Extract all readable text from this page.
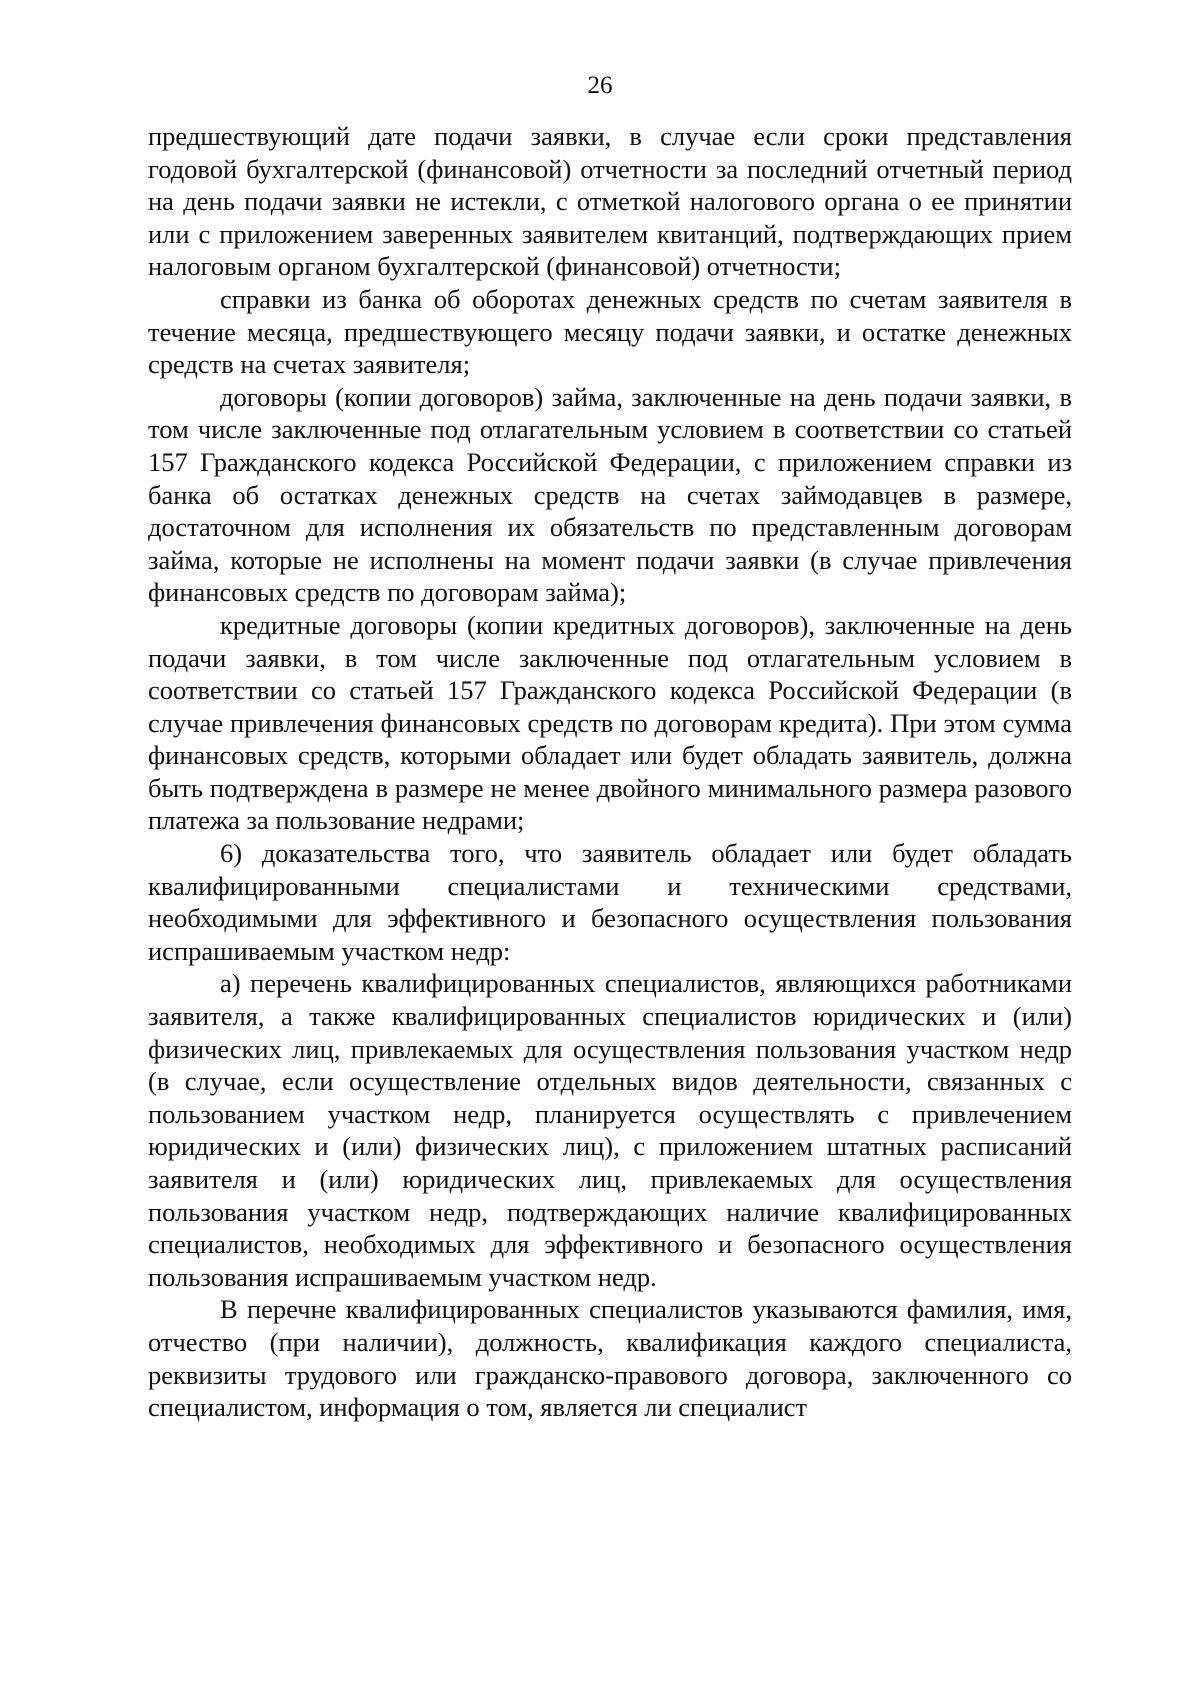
26

предшествующий дате подачи заявки, в случае если сроки представления годовой бухгалтерской (финансовой) отчетности за последний отчетный период на день подачи заявки не истекли, с отметкой налогового органа о ее принятии или с приложением заверенных заявителем квитанций, подтверждающих прием налоговым органом бухгалтерской (финансовой) отчетности;

справки из банка об оборотах денежных средств по счетам заявителя в течение месяца, предшествующего месяцу подачи заявки, и остатке денежных средств на счетах заявителя;

договоры (копии договоров) займа, заключенные на день подачи заявки, в том числе заключенные под отлагательным условием в соответствии со статьей 157 Гражданского кодекса Российской Федерации, с приложением справки из банка об остатках денежных средств на счетах займодавцев в размере, достаточном для исполнения их обязательств по представленным договорам займа, которые не исполнены на момент подачи заявки (в случае привлечения финансовых средств по договорам займа);

кредитные договоры (копии кредитных договоров), заключенные на день подачи заявки, в том числе заключенные под отлагательным условием в соответствии со статьей 157 Гражданского кодекса Российской Федерации (в случае привлечения финансовых средств по договорам кредита). При этом сумма финансовых средств, которыми обладает или будет обладать заявитель, должна быть подтверждена в размере не менее двойного минимального размера разового платежа за пользование недрами;

6) доказательства того, что заявитель обладает или будет обладать квалифицированными специалистами и техническими средствами, необходимыми для эффективного и безопасного осуществления пользования испрашиваемым участком недр:

а) перечень квалифицированных специалистов, являющихся работниками заявителя, а также квалифицированных специалистов юридических и (или) физических лиц, привлекаемых для осуществления пользования участком недр (в случае, если осуществление отдельных видов деятельности, связанных с пользованием участком недр, планируется осуществлять с привлечением юридических и (или) физических лиц), с приложением штатных расписаний заявителя и (или) юридических лиц, привлекаемых для осуществления пользования участком недр, подтверждающих наличие квалифицированных специалистов, необходимых для эффективного и безопасного осуществления пользования испрашиваемым участком недр.

В перечне квалифицированных специалистов указываются фамилия, имя, отчество (при наличии), должность, квалификация каждого специалиста, реквизиты трудового или гражданско-правового договора, заключенного со специалистом, информация о том, является ли специалист
